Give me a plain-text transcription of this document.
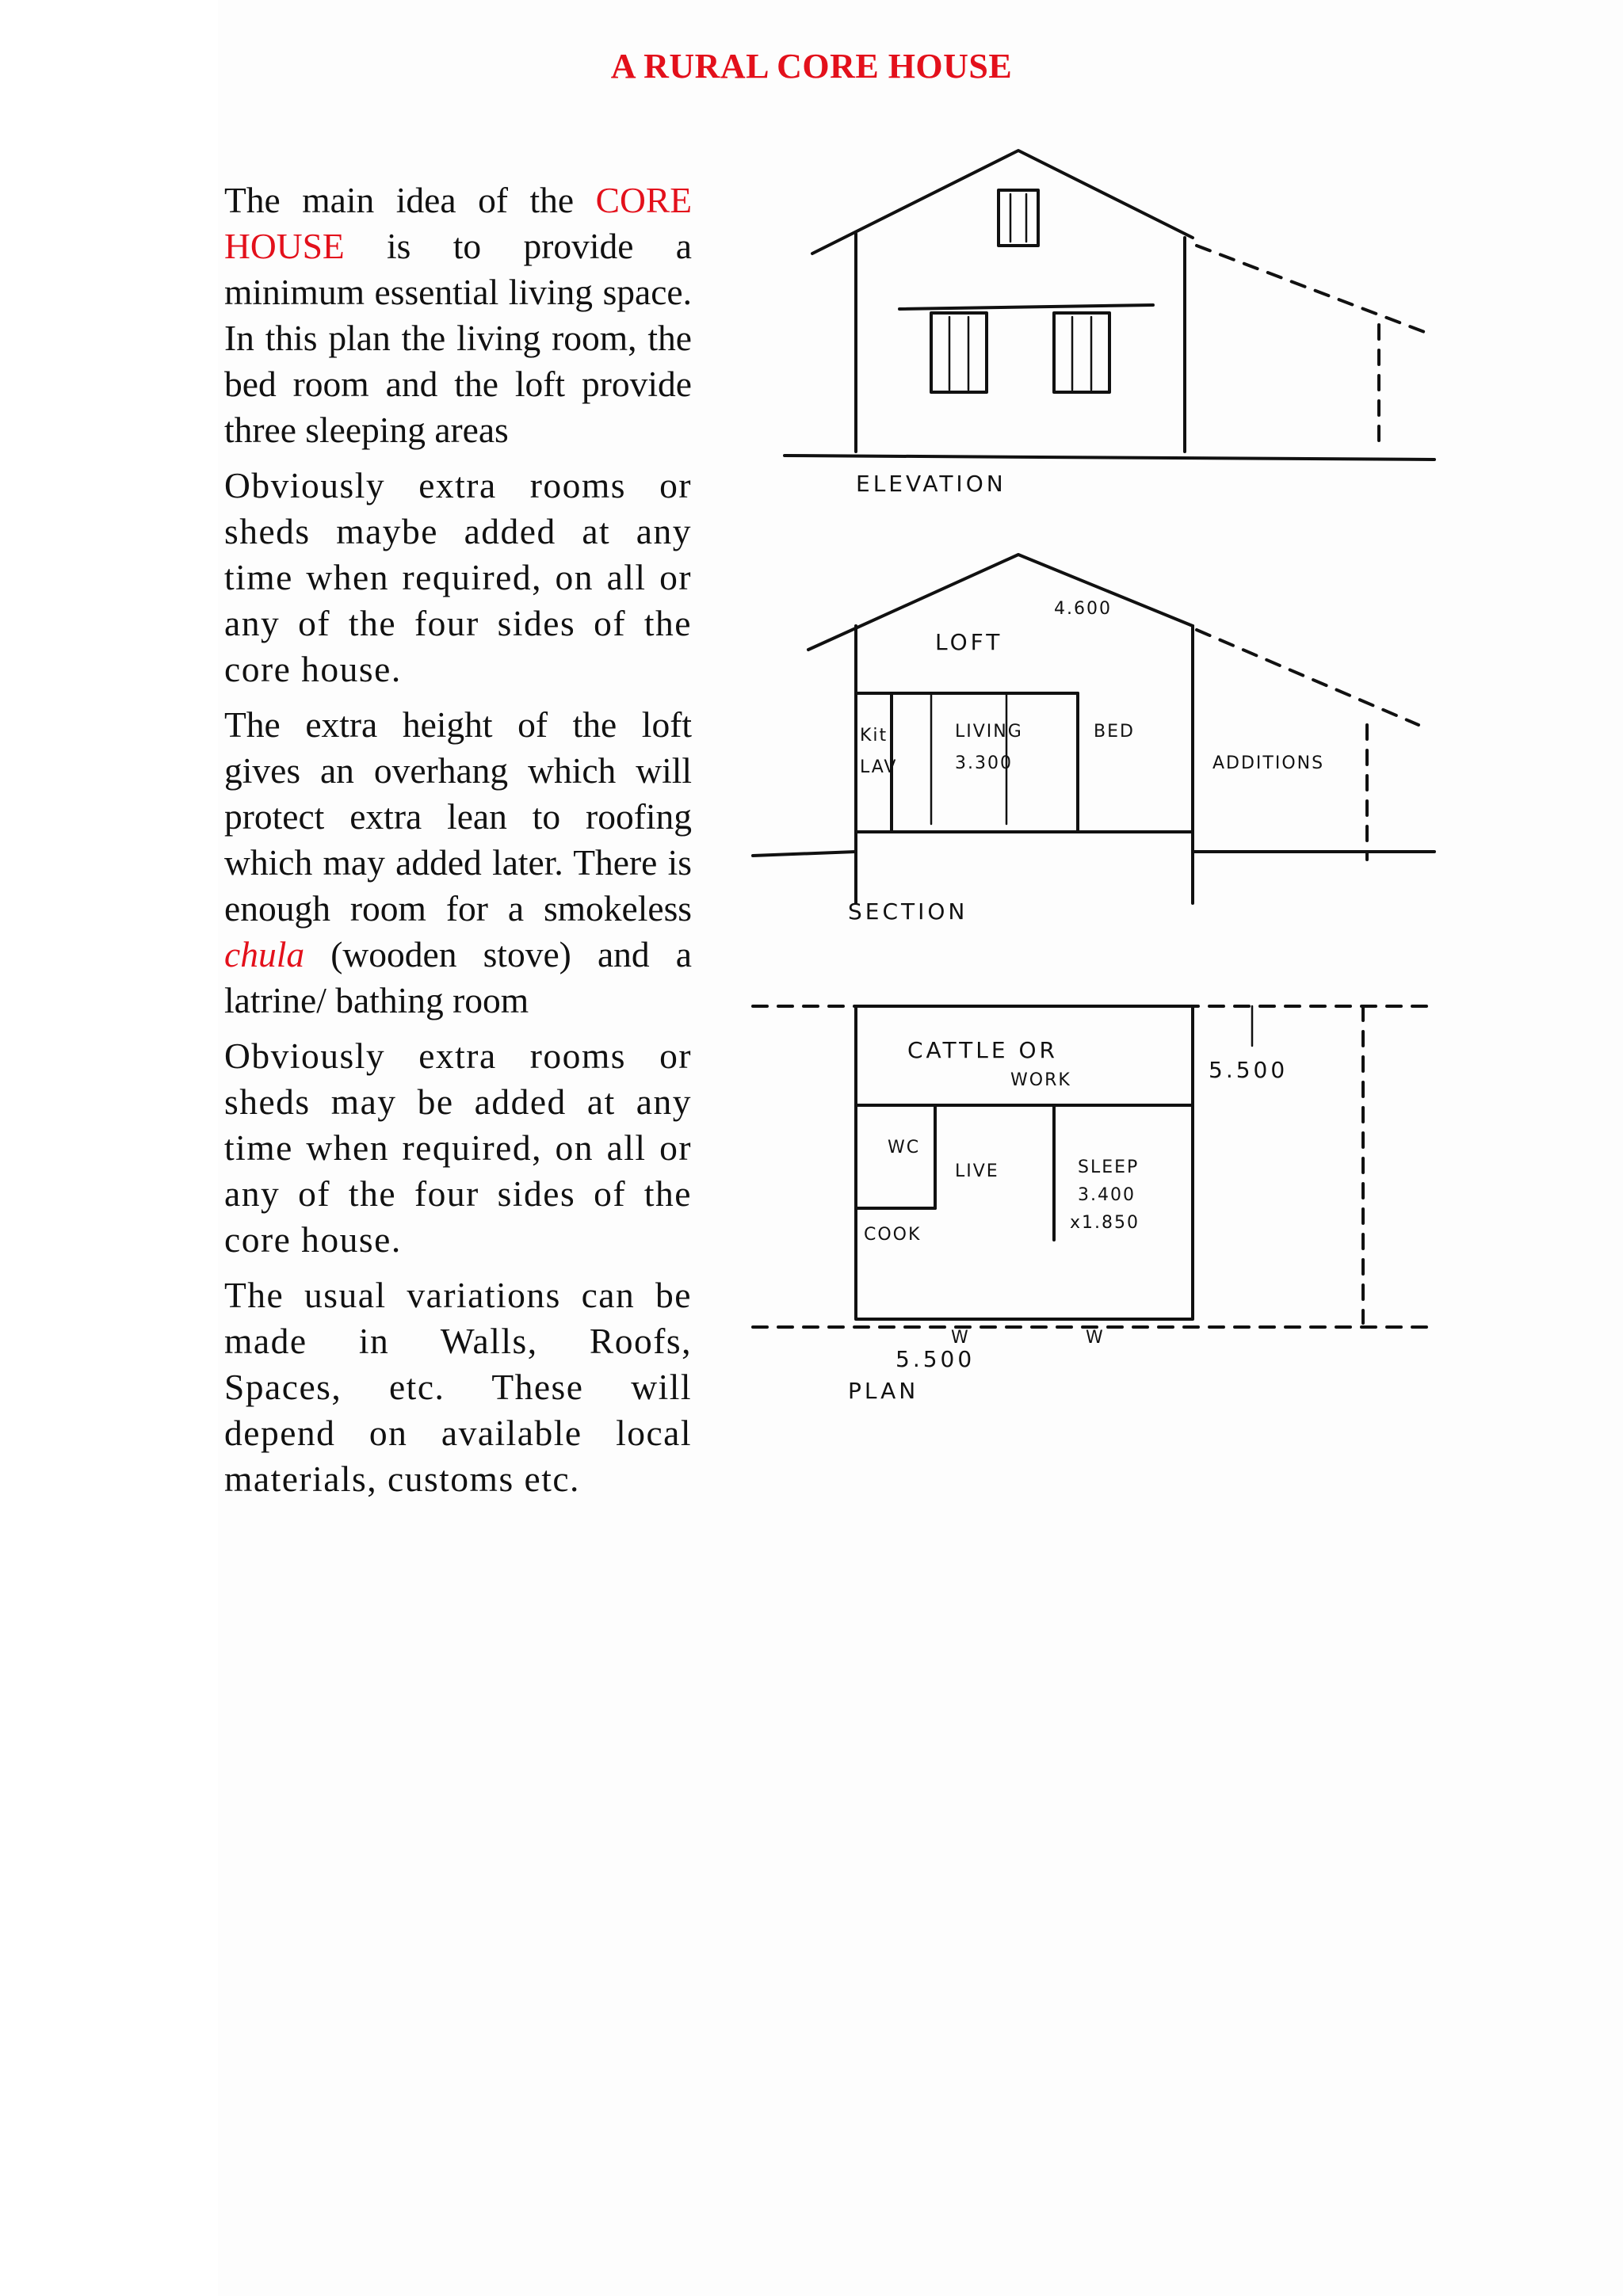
A RURAL CORE HOUSE

The main idea of the CORE HOUSE is to provide a minimum essential living space. In this plan the living room, the bed room and the loft provide three sleeping areas

Obviously extra rooms or sheds maybe added at any time when required, on all or any of the four sides of the core house.

The extra height of the loft gives an overhang which will protect extra lean to roofing which may added later. There is enough room for a smokeless chula (wooden stove) and a latrine/ bathing room

Obviously extra rooms or sheds may be added at any time when required, on all or any of the four sides of the core house.

The usual variations can be made in Walls, Roofs, Spaces, etc. These will depend on available local materials, customs etc.

ELEVATION
LOFT
4.600
Kit
LAV
LIVING
3.300
BED
ADDITIONS
SECTION
CATTLE OR
WORK	5.500
LIVE	SLEEP
3.400
x1.850
WC
COOK
W	W
5.500
PLAN
